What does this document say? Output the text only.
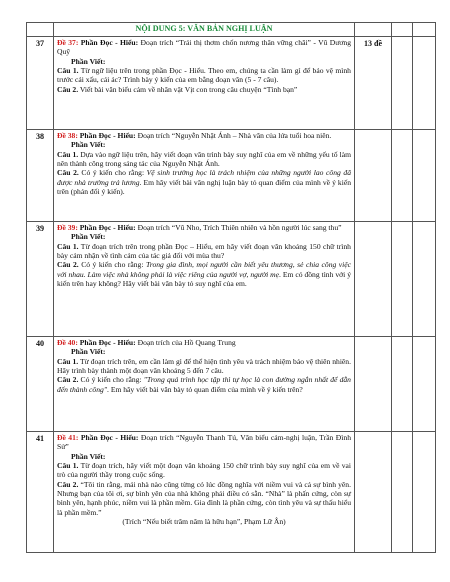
	NỘI DUNG 5: VĂN BẢN NGHỊ LUẬN			
37	Đề 37: Phần Đọc - Hiểu: Đoạn trích “Trái thị thơm chốn nương thân vững chãi” - Vũ Dương Quỹ
Phần Viết:
Câu 1. Từ ngữ liệu trên trong phần Đọc - Hiểu. Theo em, chúng ta cần làm gì để bảo vệ mình trước cái xấu, cái ác? Trình bày ý kiến của em bằng đoạn văn (5 - 7 câu).
Câu 2. Viết bài văn biểu cảm về nhân vật Vịt con trong câu chuyện “Tình bạn”	13 đề		
38	Đề 38: Phần Đọc - Hiểu: Đoạn trích “Nguyễn Nhật Ánh – Nhà văn của lứa tuổi hoa niên.
Phần Viết:
Câu 1. Dựa vào ngữ liệu trên, hãy viết đoạn văn trình bày suy nghĩ của em về những yếu tố làm nên thành công trong sáng tác của Nguyễn Nhật Ánh.
Câu 2. Có ý kiến cho rằng: Vệ sinh trường học là trách nhiệm của những người lao công đã được nhà trường trả lương. Em hãy viết bài văn nghị luận bày tỏ quan điểm của mình về ý kiến trên (phản đối ý kiến).			

39	Đề 39: Phần Đọc - Hiểu: Đoạn trích “Vũ Nho, Trích Thiên nhiên và hồn người lúc sang thu”
Phần Viết:
Câu 1. Từ đoạn trích trên trong phần Đọc – Hiểu, em hãy viết đoạn văn khoảng 150 chữ trình bày cảm nhận về tình cảm của tác giả đối với mùa thu?
Câu 2. Có ý kiến cho rằng: Trong gia đình, mọi người cần biết yêu thương, sẻ chia công việc với nhau. Làm việc nhà không phải là việc riêng của người vợ, người mẹ. Em có đồng tình với ý kiến trên hay không? Hãy viết bài văn bày tỏ suy nghĩ của em.			

40	Đề 40: Phần Đọc - Hiểu: Đoạn trích của Hồ Quang Trung
Phần Viết:
Câu 1. Từ đoạn trích trên, em cần làm gì để thể hiện tình yêu và trách nhiệm bảo vệ thiên nhiên. Hãy trình bày thành một đoạn văn khoảng 5 đến 7 câu.
Câu 2. Có ý kiến cho rằng: "Trong quá trình học tập thì tự học là con đường ngắn nhất để dẫn đến thành công". Em hãy viết bài văn bày tỏ quan điểm của mình về ý kiến trên?			

41	Đề 41: Phần Đọc - Hiểu: Đoạn trích “Nguyễn Thanh Tú, Văn biểu cảm-nghị luận, Trần Đình Sử”
Phần Viết:
Câu 1. Từ đoạn trích, hãy viết một đoạn văn khoảng 150 chữ trình bày suy nghĩ của em về vai trò của người thầy trong cuộc sống.
Câu 2. “Tôi tin rằng, mái nhà nào cũng từng có lúc đồng nghĩa với niềm vui và cả sự bình yên. Nhưng bạn của tôi ơi, sự bình yên của nhà không phải điều có sẵn. “Nhà” là phấn cứng, còn sự bình yên, hạnh phúc, niềm vui là phần mềm. Gia đình là phần cứng, còn tình yêu và sự thấu hiểu là phần mềm.”
(Trích “Nếu biết trăm năm là hữu hạn”, Phạm Lữ Ân)			
